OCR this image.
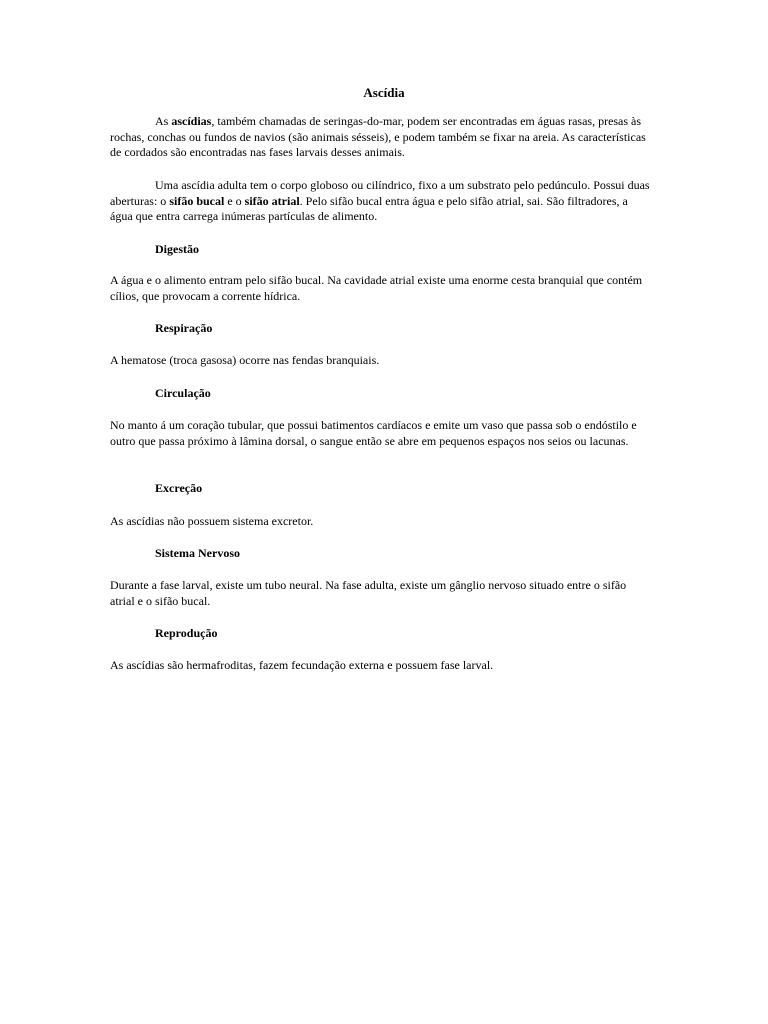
Ascídia

As ascídias, também chamadas de seringas-do-mar, podem ser encontradas em águas rasas, presas às rochas, conchas ou fundos de navios (são animais sésseis), e podem também se fixar na areia. As características de cordados são encontradas nas fases larvais desses animais.

Uma ascídia adulta tem o corpo globoso ou cilíndrico, fixo a um substrato pelo pedúnculo. Possui duas aberturas: o sifão bucal e o sifão atrial. Pelo sifão bucal entra água e pelo sifão atrial, sai. São filtradores, a água que entra carrega inúmeras partículas de alimento.

Digestão

A água e o alimento entram pelo sifão bucal. Na cavidade atrial existe uma enorme cesta branquial que contém cílios, que provocam a corrente hídrica.

Respiração

A hematose (troca gasosa) ocorre nas fendas branquiais.

Circulação

No manto á um coração tubular, que possui batimentos cardíacos e emite um vaso que passa sob o endóstilo e outro que passa próximo à lâmina dorsal, o sangue então se abre em pequenos espaços nos seios ou lacunas.

Excreção

As ascídias não possuem sistema excretor.

Sistema Nervoso

Durante a fase larval, existe um tubo neural. Na fase adulta, existe um gânglio nervoso situado entre o sifão atrial e o sifão bucal.

Reprodução

As ascídias são hermafroditas, fazem fecundação externa e possuem fase larval.
